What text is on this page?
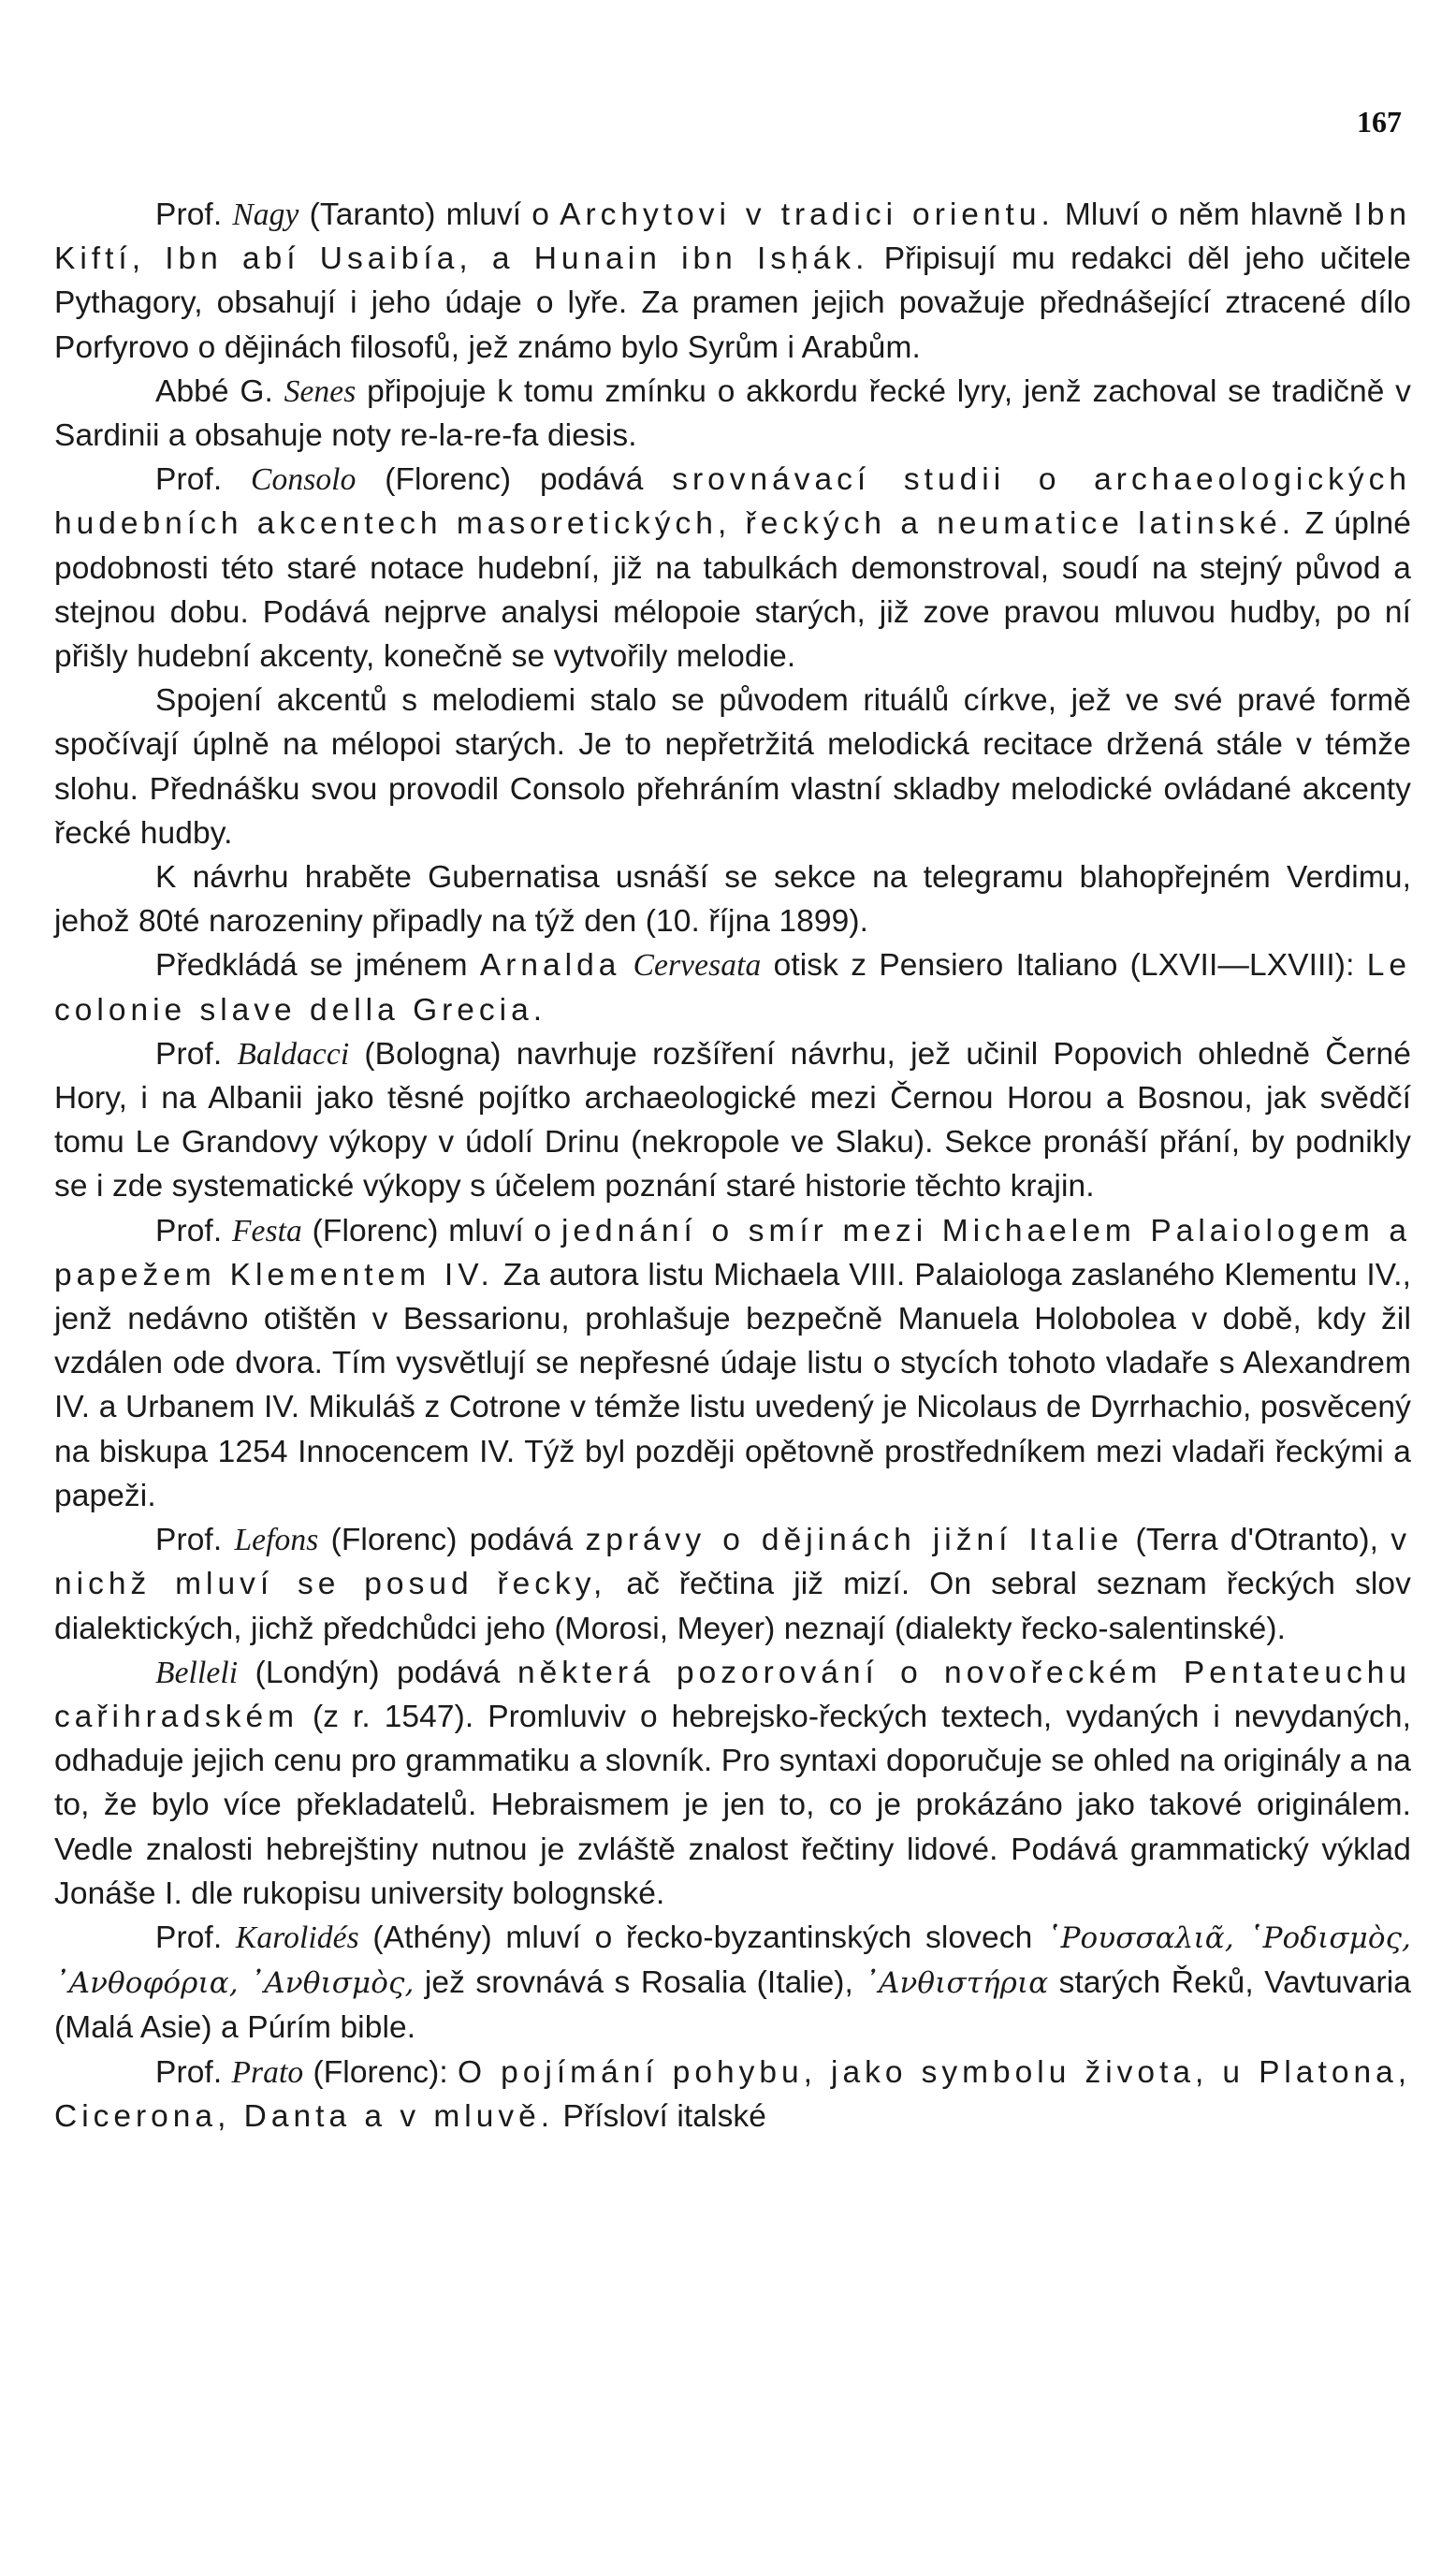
167

Prof. Nagy (Taranto) mluví o Archytovi v tradici orientu. Mluví o něm hlavně Ibn Kiftí, Ibn abí Usaibía, a Hunain ibn Isḥák. Připisují mu redakci děl jeho učitele Pythagory, obsahují i jeho údaje o lyře. Za pramen jejich považuje přednášející ztracené dílo Porfyrovo o dějinách filosofů, jež známo bylo Syrům i Arabům.

Abbé G. Senes připojuje k tomu zmínku o akkordu řecké lyry, jenž zachoval se tradičně v Sardinii a obsahuje noty re-la-re-fa diesis.

Prof. Consolo (Florenc) podává srovnávací studii o archaeologických hudebních akcentech masoretických, řeckých a neumatice latinské. Z úplné podobnosti této staré notace hudební, již na tabulkách demonstroval, soudí na stejný původ a stejnou dobu. Podává nejprve analysi mélopoie starých, již zove pravou mluvou hudby, po ní přišly hudební akcenty, konečně se vytvořily melodie.

Spojení akcentů s melodiemi stalo se původem rituálů církve, jež ve své pravé formě spočívají úplně na mélopoi starých. Je to nepřetržitá melodická recitace držená stále v témže slohu. Přednášku svou provodil Consolo přehráním vlastní skladby melodické ovládané akcenty řecké hudby.

K návrhu hraběte Gubernatisa usnáší se sekce na telegramu blahopřejném Verdimu, jehož 80té narozeniny připadly na týž den (10. října 1899).

Předkládá se jménem Arnalda Cervesata otisk z Pensiero Italiano (LXVII—LXVIII): Le colonie slave della Grecia.

Prof. Baldacci (Bologna) navrhuje rozšíření návrhu, jež učinil Popovich ohledně Černé Hory, i na Albanii jako těsné pojítko archaeologické mezi Černou Horou a Bosnou, jak svědčí tomu Le Grandovy výkopy v údolí Drinu (nekropole ve Slaku). Sekce pronáší přání, by podnikly se i zde systematické výkopy s účelem poznání staré historie těchto krajin.

Prof. Festa (Florenc) mluví o jednání o smír mezi Michaelem Palaiologem a papežem Klementem IV. Za autora listu Michaela VIII. Palaiologa zaslaného Klementu IV., jenž nedávno otištěn v Bessarionu, prohlašuje bezpečně Manuela Holobolea v době, kdy žil vzdálen ode dvora. Tím vysvětlují se nepřesné údaje listu o stycích tohoto vladaře s Alexandrem IV. a Urbanem IV. Mikuláš z Cotrone v témže listu uvedený je Nicolaus de Dyrrhachio, posvěcený na biskupa 1254 Innocencem IV. Týž byl později opětovně prostředníkem mezi vladaři řeckými a papeži.

Prof. Lefons (Florenc) podává zprávy o dějinách jižní Italie (Terra d'Otranto), v nichž mluví se posud řecky, ač řečtina již mizí. On sebral seznam řeckých slov dialektických, jichž předchůdci jeho (Morosi, Meyer) neznají (dialekty řecko-salentinské).

Belleli (Londýn) podává některá pozorování o novořeckém Pentateuchu cařihradském (z r. 1547). Promluviv o hebrejsko-řeckých textech, vydaných i nevydaných, odhaduje jejich cenu pro grammatiku a slovník. Pro syntaxi doporučuje se ohled na originály a na to, že bylo více překladatelů. Hebraismem je jen to, co je prokázáno jako takové originálem. Vedle znalosti hebrejštiny nutnou je zvláště znalost řečtiny lidové. Podává grammatický výklad Jonáše I. dle rukopisu university bolognské.

Prof. Karolidés (Athény) mluví o řecko-byzantinských slovech ῾Ρουσσαλιᾶ, ῾Ροδισμὸς, ᾿Ανθοφόρια, ᾿Ανθισμὸς, jež srovnává s Rosalia (Italie), ᾿Ανθιστήρια starých Řeků, Vavtuvaria (Malá Asie) a Púrím bible.

Prof. Prato (Florenc): O pojímání pohybu, jako symbolu života, u Platona, Cicerona, Danta a v mluvě. Přísloví italské
